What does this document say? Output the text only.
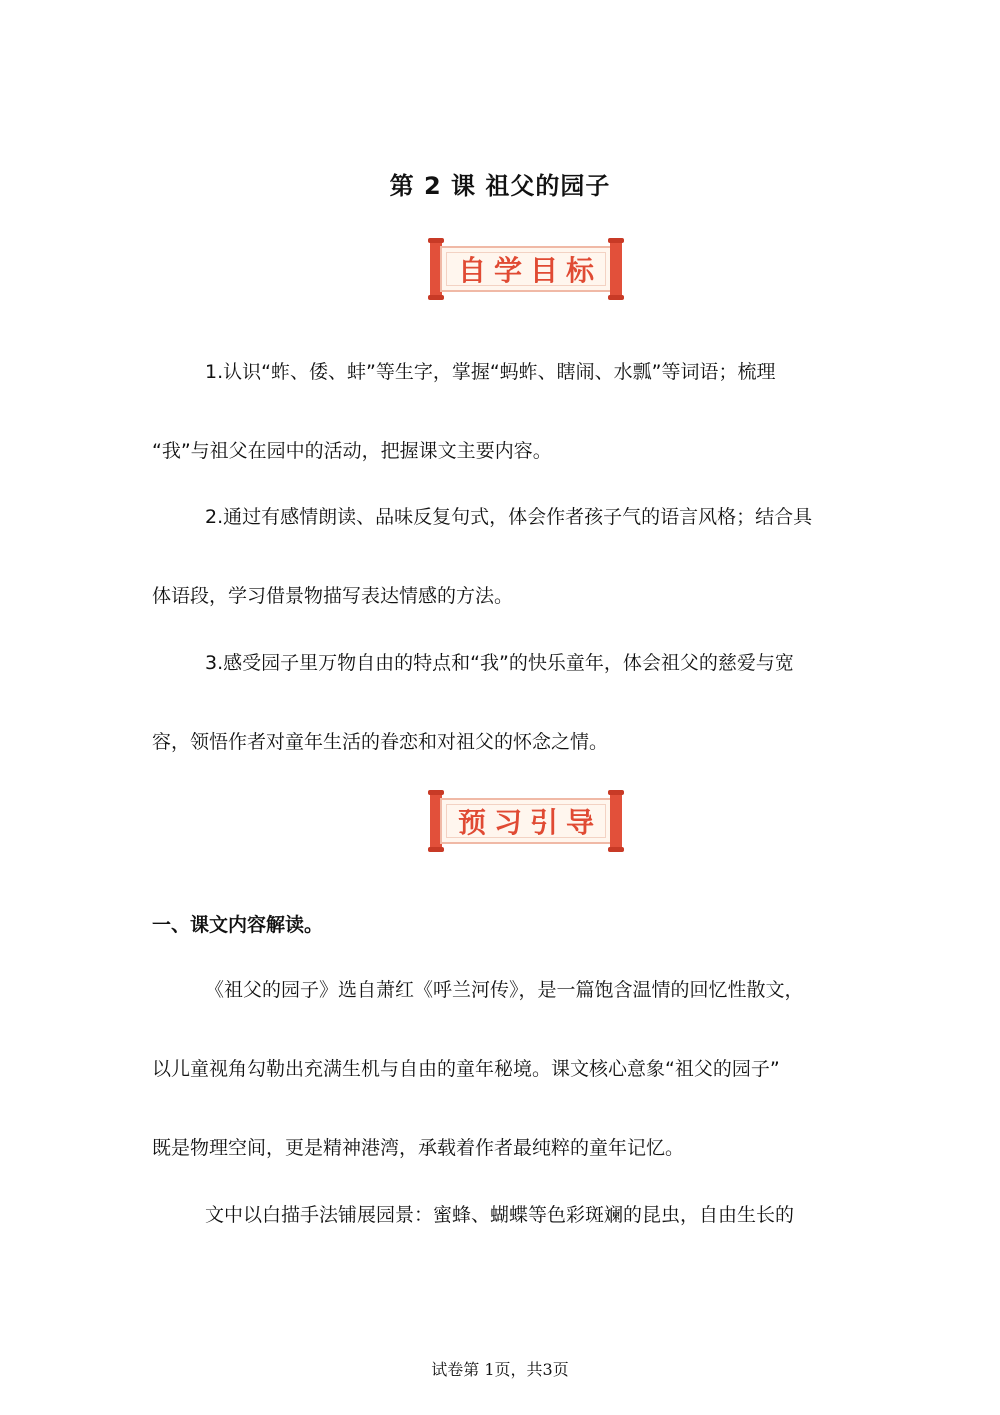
第 2 课 祖父的园子
自学目标
1.认识“蚱、倭、蚌”等生字，掌握“蚂蚱、瞎闹、水瓢”等词语；梳理
“我”与祖父在园中的活动，把握课文主要内容。
2.通过有感情朗读、品味反复句式，体会作者孩子气的语言风格；结合具
体语段，学习借景物描写表达情感的方法。
3.感受园子里万物自由的特点和“我”的快乐童年，体会祖父的慈爱与宽
容，领悟作者对童年生活的眷恋和对祖父的怀念之情。
预习引导
一、课文内容解读。
《祖父的园子》选自萧红《呼兰河传》，是一篇饱含温情的回忆性散文，
以儿童视角勾勒出充满生机与自由的童年秘境。课文核心意象“祖父的园子”
既是物理空间，更是精神港湾，承载着作者最纯粹的童年记忆。
文中以白描手法铺展园景：蜜蜂、蝴蝶等色彩斑斓的昆虫，自由生长的
试卷第 1页，共3页
